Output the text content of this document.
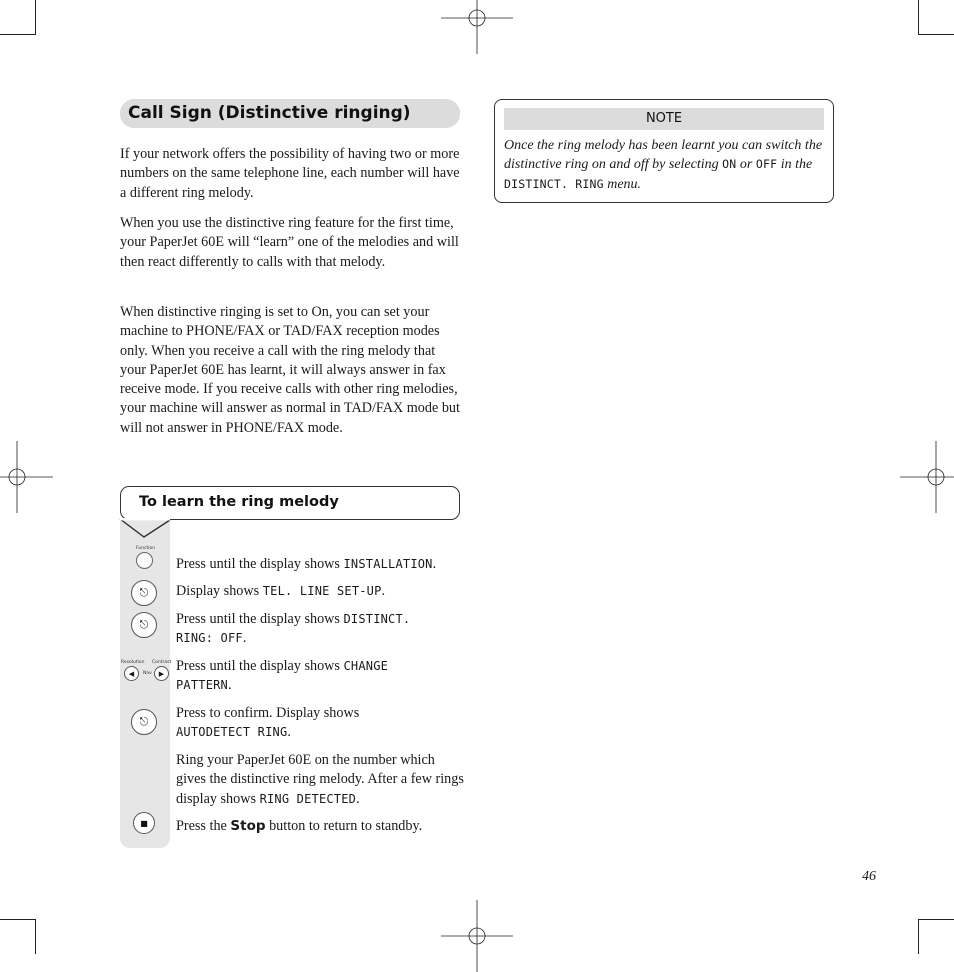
Call Sign (Distinctive ringing)

If your network offers the possibility of having two or more numbers on the same telephone line, each number will have a different ring melody.

When you use the distinctive ring feature for the first time, your PaperJet 60E will “learn” one of the melodies and will then react differently to calls with that melody.

When distinctive ringing is set to On, you can set your machine to PHONE/FAX or TAD/FAX reception modes only. When you receive a call with the ring melody that your PaperJet 60E has learnt, it will always answer in fax receive mode. If you receive calls with other ring melodies, your machine will answer as normal in TAD/FAX mode but will not answer in PHONE/FAX mode.

NOTE

Once the ring melody has been learnt you can switch the distinctive ring on and off by selecting ON or OFF in the DISTINCT. RING menu.

To learn the ring melody
Function
⎋
⎋
Resolution Contrast
◀ Nav ▶
⎋
■

Press until the display shows INSTALLATION.

Display shows TEL. LINE SET-UP.

Press until the display shows DISTINCT. RING: OFF.

Press until the display shows CHANGE PATTERN.

Press to confirm. Display shows AUTODETECT RING.

Ring your PaperJet 60E on the number which gives the distinctive ring melody. After a few rings display shows RING DETECTED.

Press the Stop button to return to standby.

46
